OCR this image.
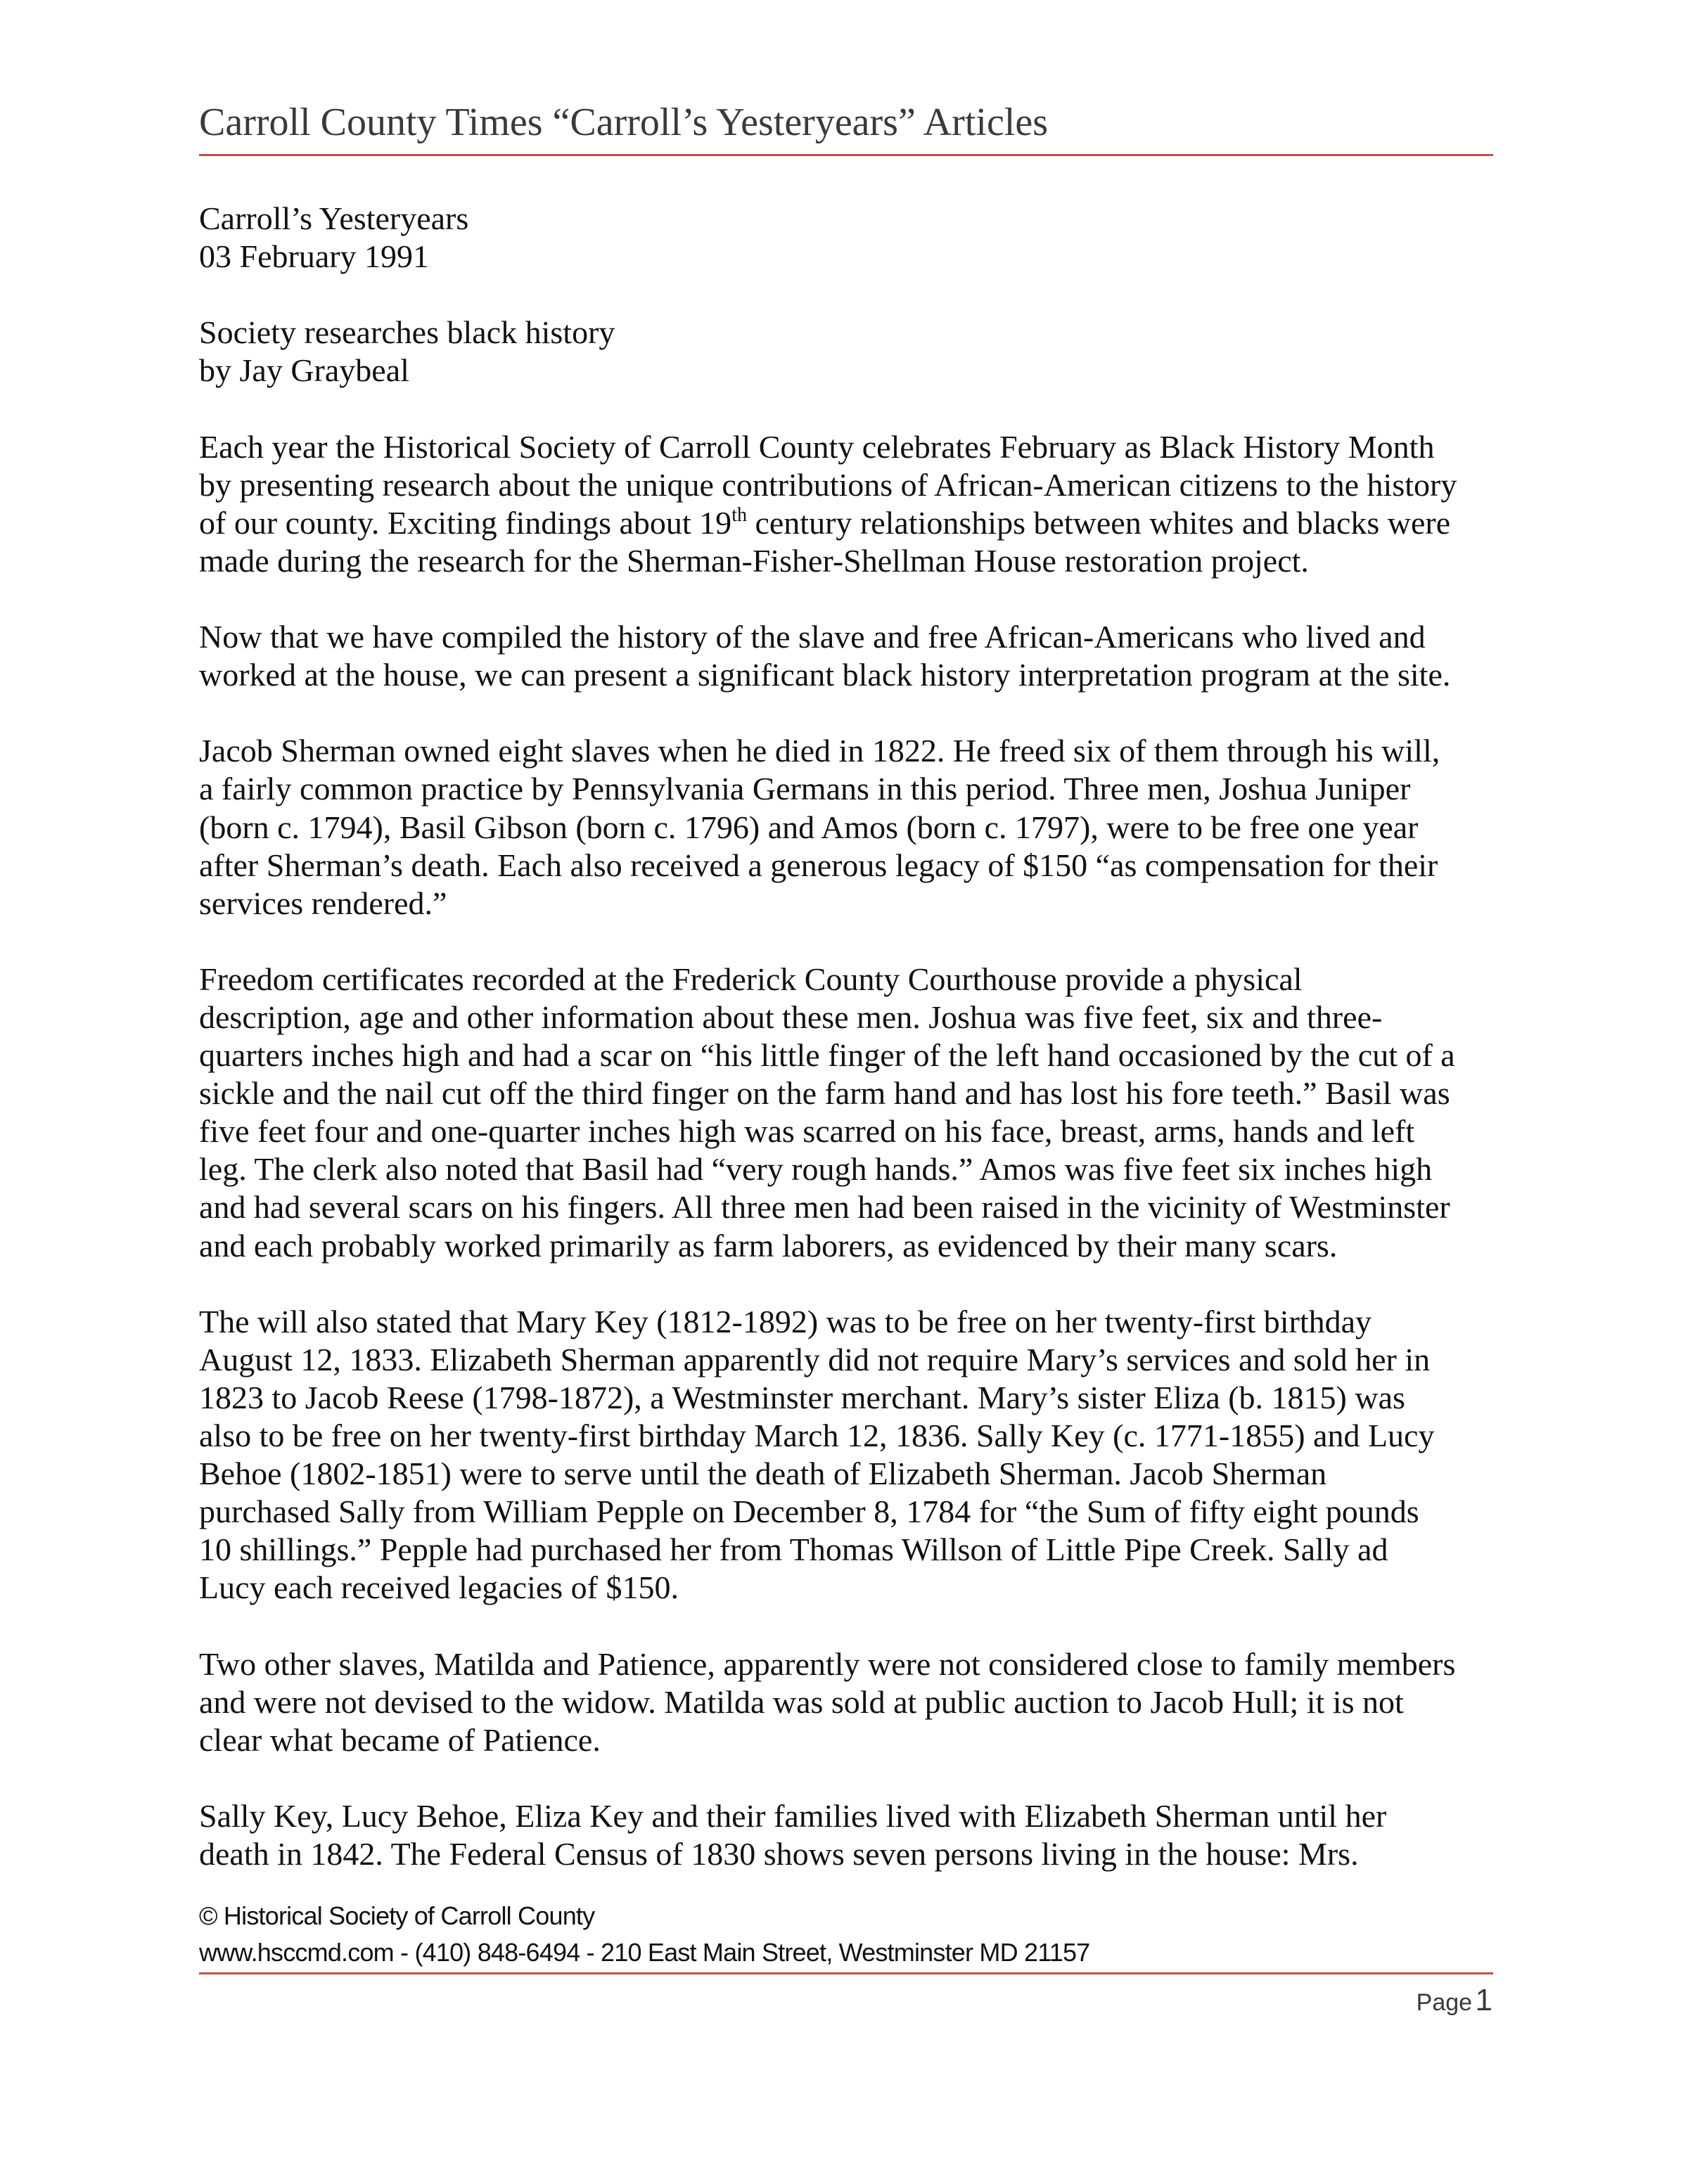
Carroll County Times “Carroll’s Yesteryears” Articles
Carroll’s Yesteryears
03 February 1991
Society researches black history
by Jay Graybeal
Each year the Historical Society of Carroll County celebrates February as Black History Month
by presenting research about the unique contributions of African-American citizens to the history
of our county. Exciting findings about 19th century relationships between whites and blacks were
made during the research for the Sherman-Fisher-Shellman House restoration project.
Now that we have compiled the history of the slave and free African-Americans who lived and
worked at the house, we can present a significant black history interpretation program at the site.
Jacob Sherman owned eight slaves when he died in 1822. He freed six of them through his will,
a fairly common practice by Pennsylvania Germans in this period. Three men, Joshua Juniper
(born c. 1794), Basil Gibson (born c. 1796) and Amos (born c. 1797), were to be free one year
after Sherman’s death. Each also received a generous legacy of $150 “as compensation for their
services rendered.”
Freedom certificates recorded at the Frederick County Courthouse provide a physical
description, age and other information about these men. Joshua was five feet, six and three-
quarters inches high and had a scar on “his little finger of the left hand occasioned by the cut of a
sickle and the nail cut off the third finger on the farm hand and has lost his fore teeth.” Basil was
five feet four and one-quarter inches high was scarred on his face, breast, arms, hands and left
leg. The clerk also noted that Basil had “very rough hands.” Amos was five feet six inches high
and had several scars on his fingers. All three men had been raised in the vicinity of Westminster
and each probably worked primarily as farm laborers, as evidenced by their many scars.
The will also stated that Mary Key (1812-1892) was to be free on her twenty-first birthday
August 12, 1833. Elizabeth Sherman apparently did not require Mary’s services and sold her in
1823 to Jacob Reese (1798-1872), a Westminster merchant. Mary’s sister Eliza (b. 1815) was
also to be free on her twenty-first birthday March 12, 1836. Sally Key (c. 1771-1855) and Lucy
Behoe (1802-1851) were to serve until the death of Elizabeth Sherman. Jacob Sherman
purchased Sally from William Pepple on December 8, 1784 for “the Sum of fifty eight pounds
10 shillings.” Pepple had purchased her from Thomas Willson of Little Pipe Creek. Sally ad
Lucy each received legacies of $150.
Two other slaves, Matilda and Patience, apparently were not considered close to family members
and were not devised to the widow. Matilda was sold at public auction to Jacob Hull; it is not
clear what became of Patience.
Sally Key, Lucy Behoe, Eliza Key and their families lived with Elizabeth Sherman until her
death in 1842. The Federal Census of 1830 shows seven persons living in the house: Mrs.
© Historical Society of Carroll County
www.hsccmd.com - (410) 848-6494 - 210 East Main Street, Westminster MD 21157
Page 1
